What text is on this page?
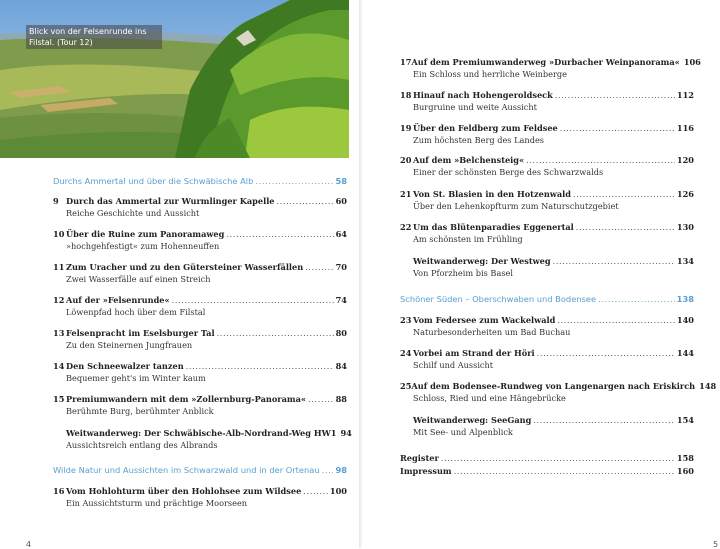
Blick von der Felsenrunde ins Filstal. (Tour 12)
Durchs Ammertal und über die Schwäbische Alb . . .	58
9 Durch das Ammertal zur Wurmlinger Kapelle . . .	60
Reiche Geschichte und Aussicht
10 Über die Ruine zum Panoramaweg . . .	64
»hochgehfestigt« zum Hohenneuffen
11 Zum Uracher und zu den Gütersteiner Wasserfällen . . .	70
Zwei Wasserfälle auf einen Streich
12 Auf der »Felsenrunde« . . .	74
Löwenpfad hoch über dem Filstal
13 Felsenpracht im Eselsburger Tal . . .	80
Zu den Steinernen Jungfrauen
14 Den Schneewalzer tanzen . . .	84
Bequemer geht's im Winter kaum
15 Premiumwandern mit dem »Zollernburg-Panorama« . . .	88
Berühmte Burg, berühmter Anblick
Weitwanderweg: Der Schwäbische-Alb-Nordrand-Weg HW1 94
Aussichtsreich entlang des Albrands
Wilde Natur und Aussichten im Schwarzwald und in der Ortenau . . . 98
16 Vom Hohlohturm über den Hohlohsee zum Wildsee . . .	100
Ein Aussichtsturm und prächtige Moorseen
4
17 Auf dem Premiumwanderweg »Durbacher Weinpanorama« 106
Ein Schloss und herrliche Weinberge
18 Hinauf nach Hohengeroldseck . . .	112
Burgruine und weite Aussicht
19 Über den Feldberg zum Feldsee . . .	116
Zum höchsten Berg des Landes
20 Auf dem »Belchensteig« . . .	120
Einer der schönsten Berge des Schwarzwalds
21 Von St. Blasien in den Hotzenwald . . .	126
Über den Lehenkopfturm zum Naturschutzgebiet
22 Um das Blütenparadies Eggenertal . . .	130
Am schönsten im Frühling
Weitwanderweg: Der Westweg . . .	134
Von Pforzheim bis Basel
Schöner Süden – Oberschwaben und Bodensee . . .	138
23 Vom Federsee zum Wackelwald . . .	140
Naturbesonderheiten um Bad Buchau
24 Vorbei am Strand der Höri . . .	144
Schilf und Aussicht
25 Auf dem Bodensee-Rundweg von Langenargen nach Eriskirch 148
Schloss, Ried und eine Hängebrücke
Weitwanderweg: SeeGang . . .	154
Mit See- und Alpenblick
Register . . .	158
Impressum . . .	160
5
